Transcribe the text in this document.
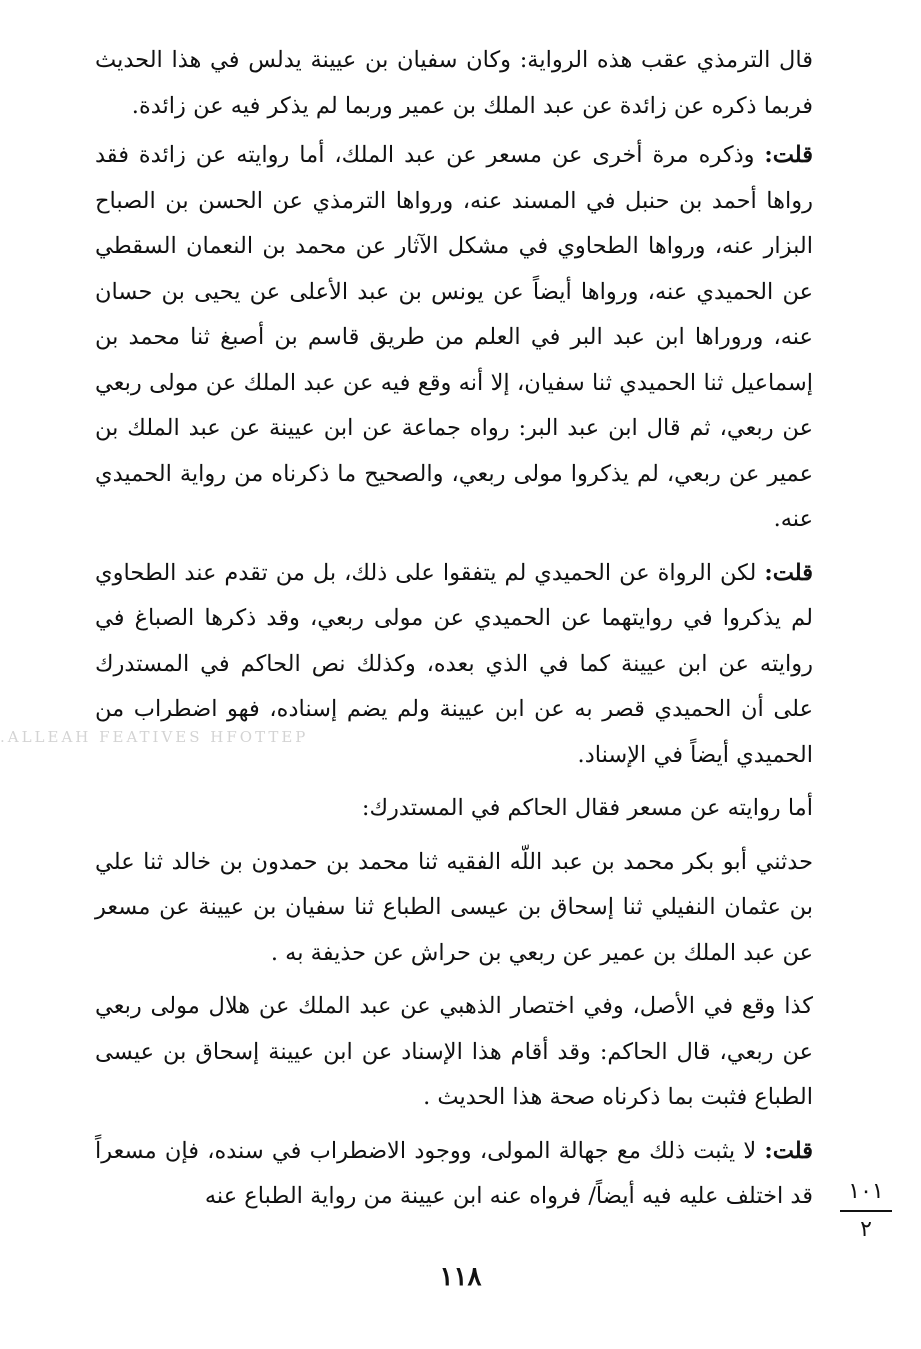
.ALLEAH FEATIVES HFOTTEP

قال الترمذي عقب هذه الرواية: وكان سفيان بن عيينة يدلس في هذا الحديث فربما ذكره عن زائدة عن عبد الملك بن عمير وربما لم يذكر فيه عن زائدة.

قلت: وذكره مرة أخرى عن مسعر عن عبد الملك، أما روايته عن زائدة فقد رواها أحمد بن حنبل في المسند عنه، ورواها الترمذي عن الحسن بن الصباح البزار عنه، ورواها الطحاوي في مشكل الآثار عن محمد بن النعمان السقطي عن الحميدي عنه، ورواها أيضاً عن يونس بن عبد الأعلى عن يحيى بن حسان عنه، وروراها ابن عبد البر في العلم من طريق قاسم بن أصبغ ثنا محمد بن إسماعيل ثنا الحميدي ثنا سفيان، إلا أنه وقع فيه عن عبد الملك عن مولى ربعي عن ربعي، ثم قال ابن عبد البر: رواه جماعة عن ابن عيينة عن عبد الملك بن عمير عن ربعي، لم يذكروا مولى ربعي، والصحيح ما ذكرناه من رواية الحميدي عنه.

قلت: لكن الرواة عن الحميدي لم يتفقوا على ذلك، بل من تقدم عند الطحاوي لم يذكروا في روايتهما عن الحميدي عن مولى ربعي، وقد ذكرها الصباغ في روايته عن ابن عيينة كما في الذي بعده، وكذلك نص الحاكم في المستدرك على أن الحميدي قصر به عن ابن عيينة ولم يضم إسناده، فهو اضطراب من الحميدي أيضاً في الإسناد.

أما روايته عن مسعر فقال الحاكم في المستدرك:

حدثني أبو بكر محمد بن عبد اللّه الفقيه ثنا محمد بن حمدون بن خالد ثنا علي بن عثمان النفيلي ثنا إسحاق بن عيسى الطباع ثنا سفيان بن عيينة عن مسعر عن عبد الملك بن عمير عن ربعي بن حراش عن حذيفة به .

كذا وقع في الأصل، وفي اختصار الذهبي عن عبد الملك عن هلال مولى ربعي عن ربعي، قال الحاكم: وقد أقام هذا الإسناد عن ابن عيينة إسحاق بن عيسى الطباع فثبت بما ذكرناه صحة هذا الحديث .

قلت: لا يثبت ذلك مع جهالة المولى، ووجود الاضطراب في سنده، فإن مسعراً قد اختلف عليه فيه أيضاً/ فرواه عنه ابن عيينة من رواية الطباع عنه	١٠١
٢
١١٨
